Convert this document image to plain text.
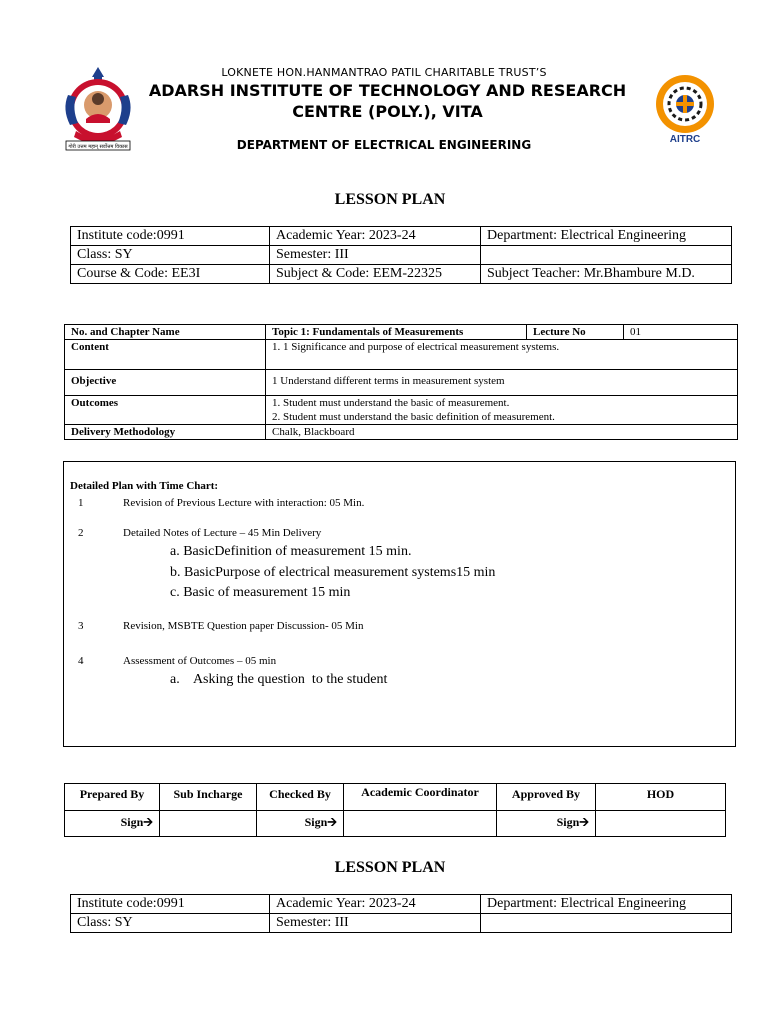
गोरी उत्तम महान् सर्वोत्तम विकास
AITRC
LOKNETE HON.HANMANTRAO PATIL CHARITABLE TRUST’S
ADARSH INSTITUTE OF TECHNOLOGY AND RESEARCH CENTRE (POLY.), VITA
DEPARTMENT OF ELECTRICAL ENGINEERING
LESSON PLAN
Institute code:0991	Academic Year: 2023-24	Department: Electrical Engineering
Class: SY	Semester: III	
Course & Code: EE3I	Subject & Code: EEM-22325	Subject Teacher: Mr.Bhambure M.D.
No. and Chapter Name	Topic 1: Fundamentals of Measurements	Lecture No	01
Content	1. 1 Significance and purpose of electrical measurement systems.		
Objective	1 Understand different terms in measurement system		
Outcomes	1. Student must understand the basic of measurement.
2. Student must understand the basic definition of measurement.		

Delivery Methodology	Chalk, Blackboard		
Detailed Plan with Time Chart:
1	Revision of Previous Lecture with interaction: 05 Min.
2	Detailed Notes of Lecture – 45 Min Delivery
a. BasicDefinition of measurement 15 min.
b. BasicPurpose of electrical measurement systems15 min
c. Basic of measurement 15 min
3	Revision, MSBTE Question paper Discussion- 05 Min
4	Assessment of Outcomes – 05 min
a.    Asking the question  to the student
Prepared By	Sub Incharge	Checked By	Academic Coordinator	Approved By	HOD
Sign🡪		Sign🡪		Sign🡪	
LESSON PLAN
Institute code:0991	Academic Year: 2023-24	Department: Electrical Engineering
Class: SY	Semester: III	
